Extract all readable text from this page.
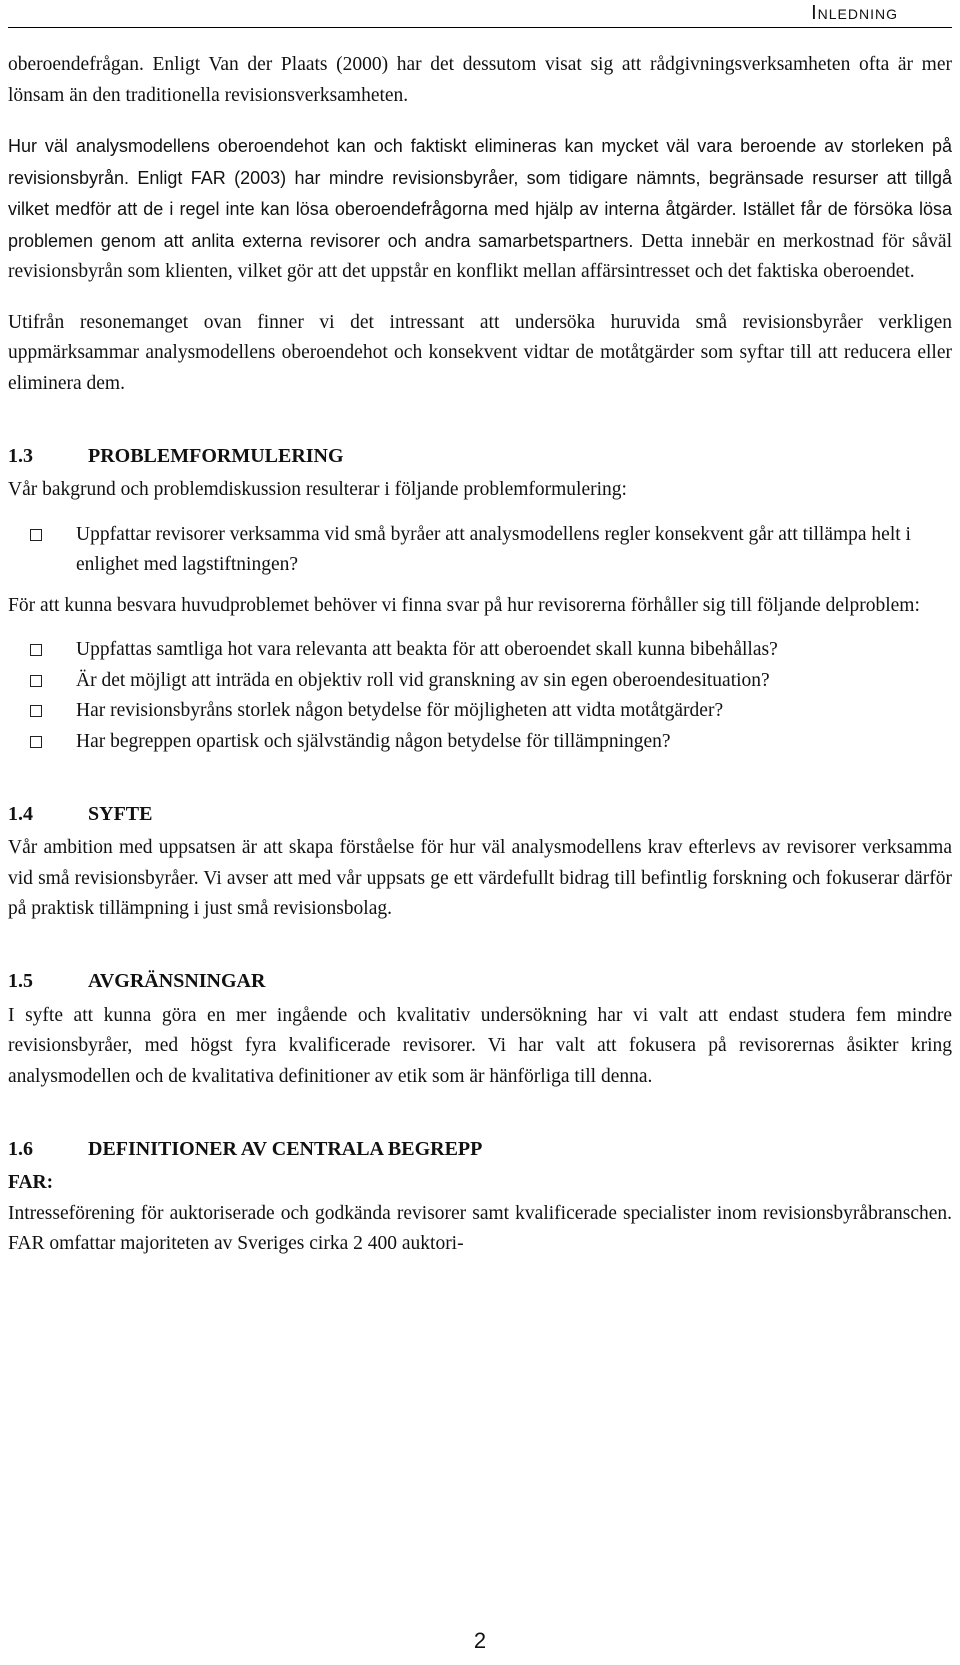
Inledning

oberoendefrågan. Enligt Van der Plaats (2000) har det dessutom visat sig att rådgivningsverksamheten ofta är mer lönsam än den traditionella revisionsverksamheten.

Hur väl analysmodellens oberoendehot kan och faktiskt elimineras kan mycket väl vara beroende av storleken på revisionsbyrån. Enligt FAR (2003) har mindre revisionsbyråer, som tidigare nämnts, begränsade resurser att tillgå vilket medför att de i regel inte kan lösa oberoendefrågorna med hjälp av interna åtgärder. Istället får de försöka lösa problemen genom att anlita externa revisorer och andra samarbetspartners. Detta innebär en merkostnad för såväl revisionsbyrån som klienten, vilket gör att det uppstår en konflikt mellan affärsintresset och det faktiska oberoendet.

Utifrån resonemanget ovan finner vi det intressant att undersöka huruvida små revisionsbyråer verkligen uppmärksammar analysmodellens oberoendehot och konsekvent vidtar de motåtgärder som syftar till att reducera eller eliminera dem.

1.3	PROBLEMFORMULERING

Vår bakgrund och problemdiskussion resulterar i följande problemformulering:

Uppfattar revisorer verksamma vid små byråer att analysmodellens regler konsekvent går att tillämpa helt i enlighet med lagstiftningen?

För att kunna besvara huvudproblemet behöver vi finna svar på hur revisorerna förhåller sig till följande delproblem:

Uppfattas samtliga hot vara relevanta att beakta för att oberoendet skall kunna bibehållas?
Är det möjligt att inträda en objektiv roll vid granskning av sin egen oberoendesituation?
Har revisionsbyråns storlek någon betydelse för möjligheten att vidta motåtgärder?
Har begreppen opartisk och självständig någon betydelse för tillämpningen?
1.4	SYFTE

Vår ambition med uppsatsen är att skapa förståelse för hur väl analysmodellens krav efterlevs av revisorer verksamma vid små revisionsbyråer. Vi avser att med vår uppsats ge ett värdefullt bidrag till befintlig forskning och fokuserar därför på praktisk tillämpning i just små revisionsbolag.

1.5	AVGRÄNSNINGAR

I syfte att kunna göra en mer ingående och kvalitativ undersökning har vi valt att endast studera fem mindre revisionsbyråer, med högst fyra kvalificerade revisorer. Vi har valt att fokusera på revisorernas åsikter kring analysmodellen och de kvalitativa definitioner av etik som är hänförliga till denna.

1.6	DEFINITIONER AV CENTRALA BEGREPP

FAR:

Intresseförening för auktoriserade och godkända revisorer samt kvalificerade specialister inom revisionsbyråbranschen. FAR omfattar majoriteten av Sveriges cirka 2 400 auktori-

2
